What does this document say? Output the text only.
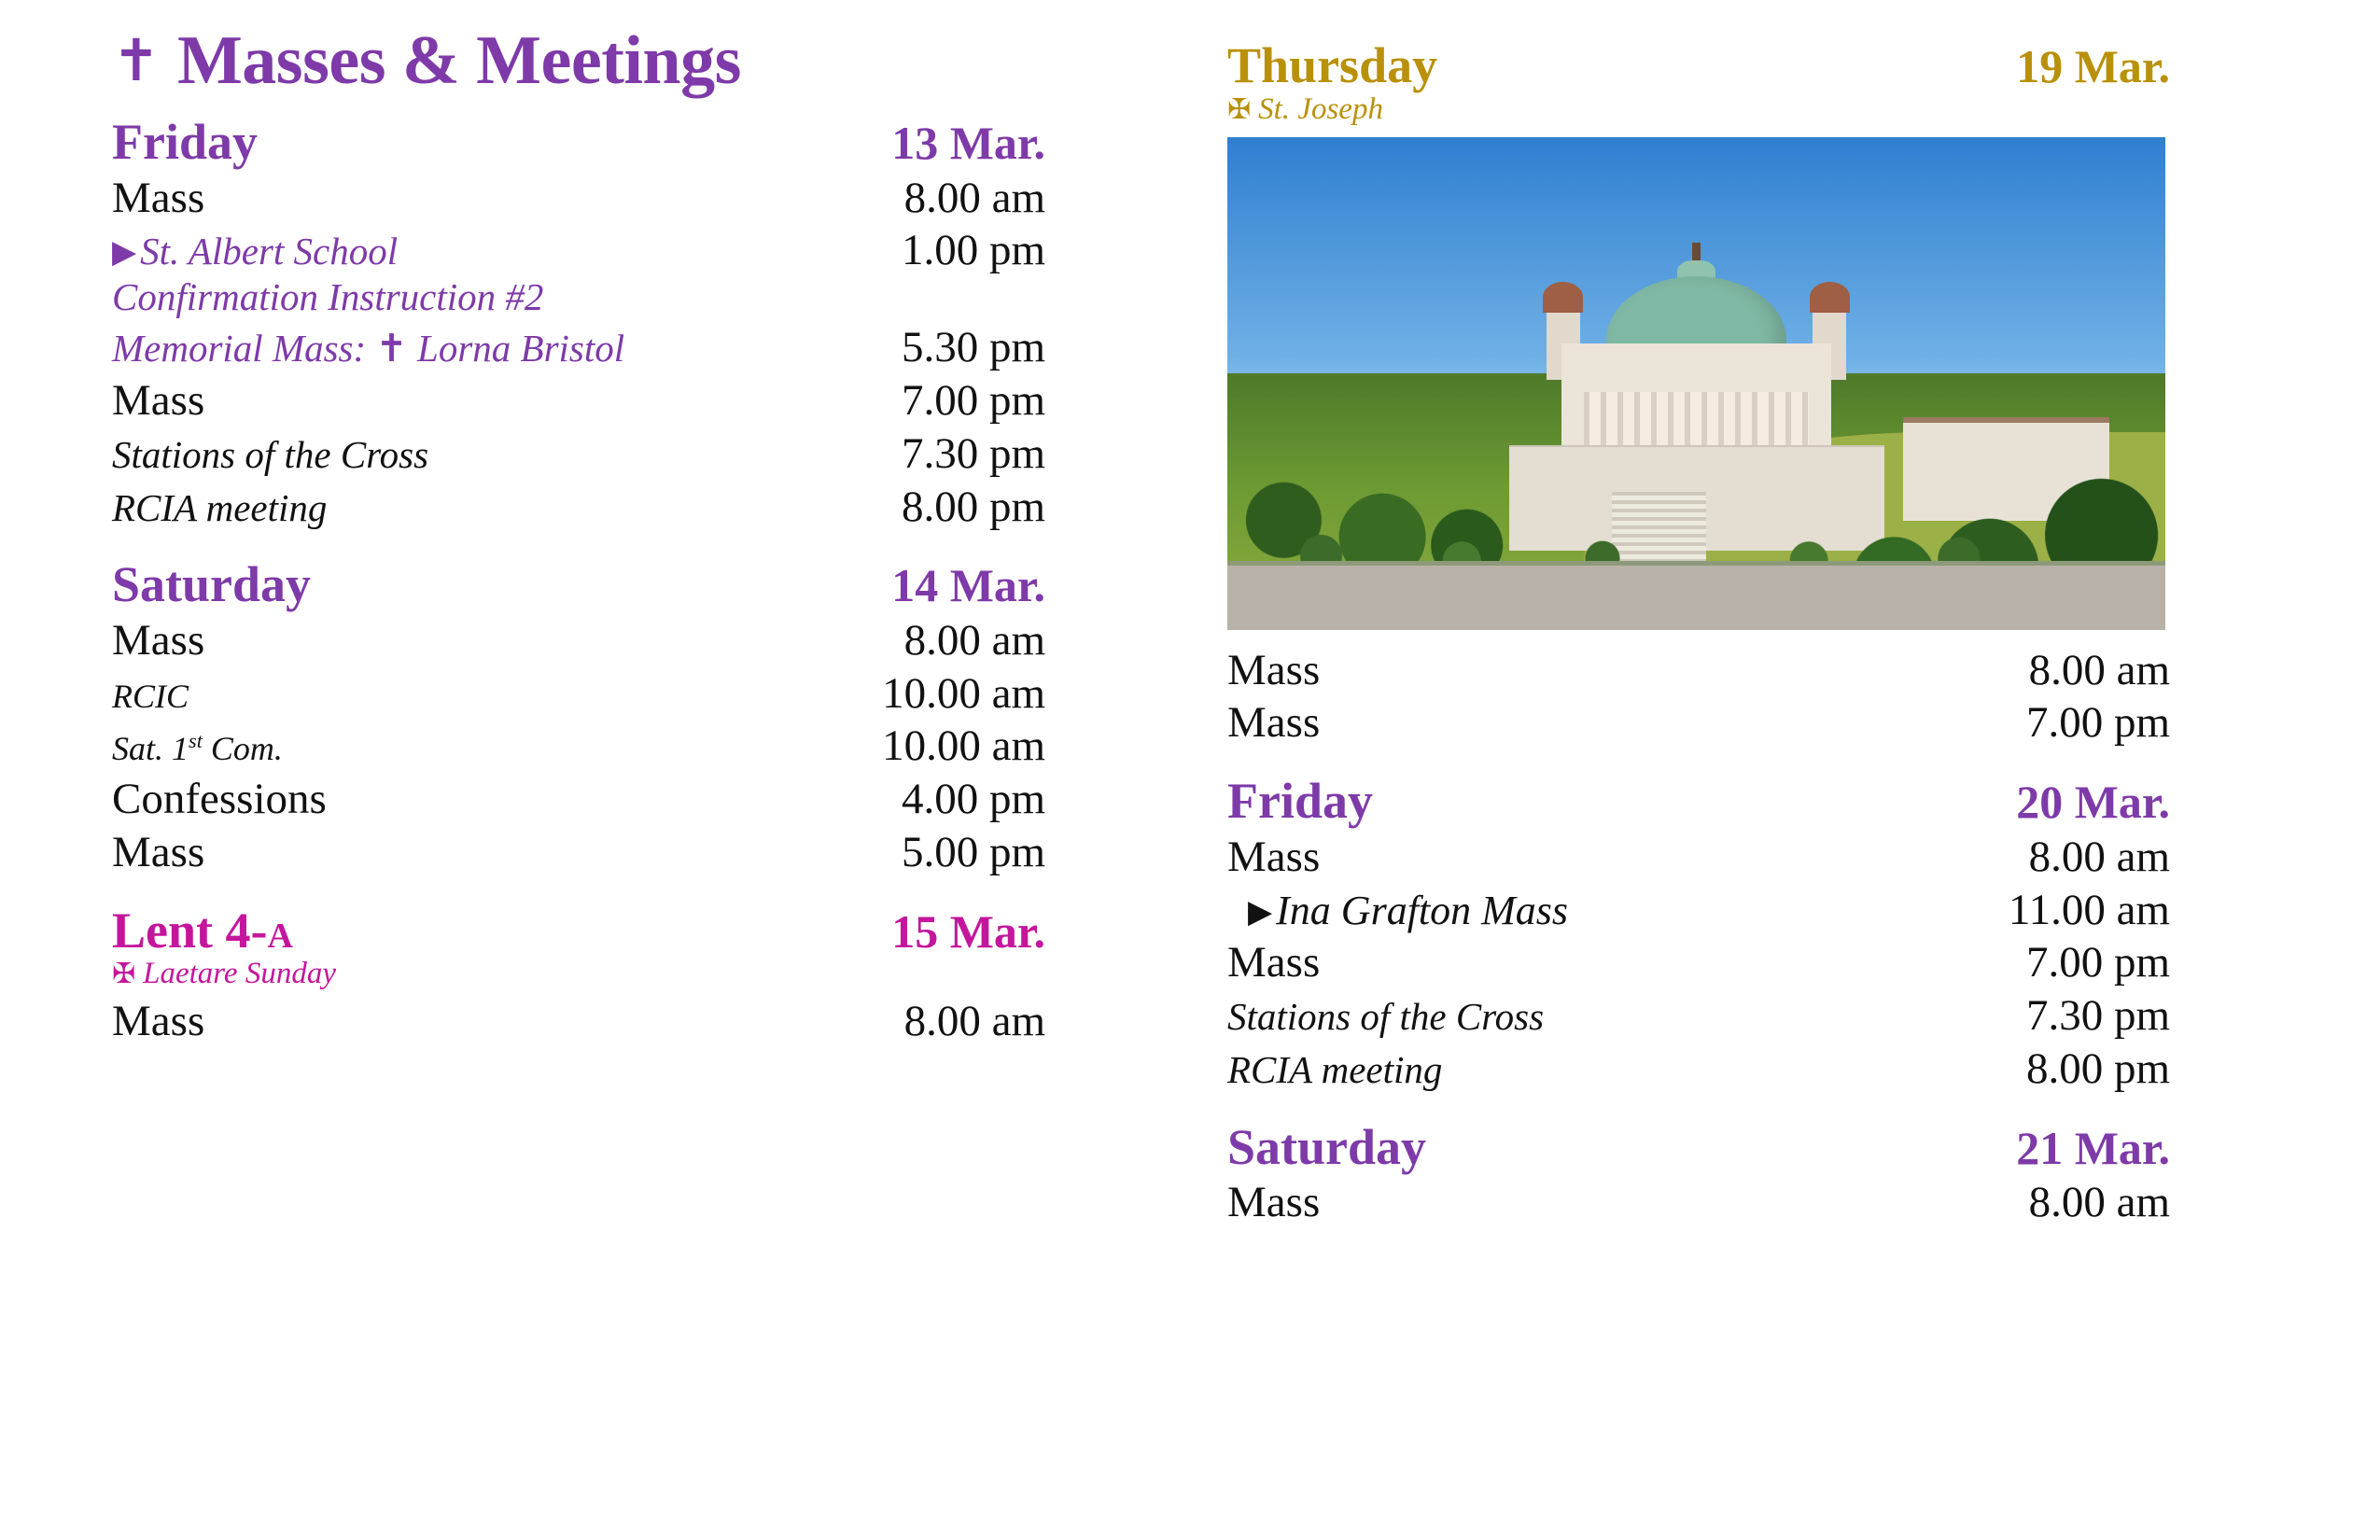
✝ Masses & Meetings
Friday	13 Mar.
Mass	8.00 am
▶St. Albert School	1.00 pm
Confirmation Instruction #2
Memorial Mass: ✝ Lorna Bristol	5.30 pm
Mass	7.00 pm
Stations of the Cross	7.30 pm
RCIA meeting	8.00 pm
Saturday	14 Mar.
Mass	8.00 am
RCIC	10.00 am
Sat. 1st Com.	10.00 am
Confessions	4.00 pm
Mass	5.00 pm
Lent 4-A	15 Mar.
✠ Laetare Sunday
Mass	8.00 am
Thursday	19 Mar.
✠ St. Joseph
Mass	8.00 am
Mass	7.00 pm
Friday	20 Mar.
Mass	8.00 am
▶Ina Grafton Mass	11.00 am
Mass	7.00 pm
Stations of the Cross	7.30 pm
RCIA meeting	8.00 pm
Saturday	21 Mar.
Mass	8.00 am
